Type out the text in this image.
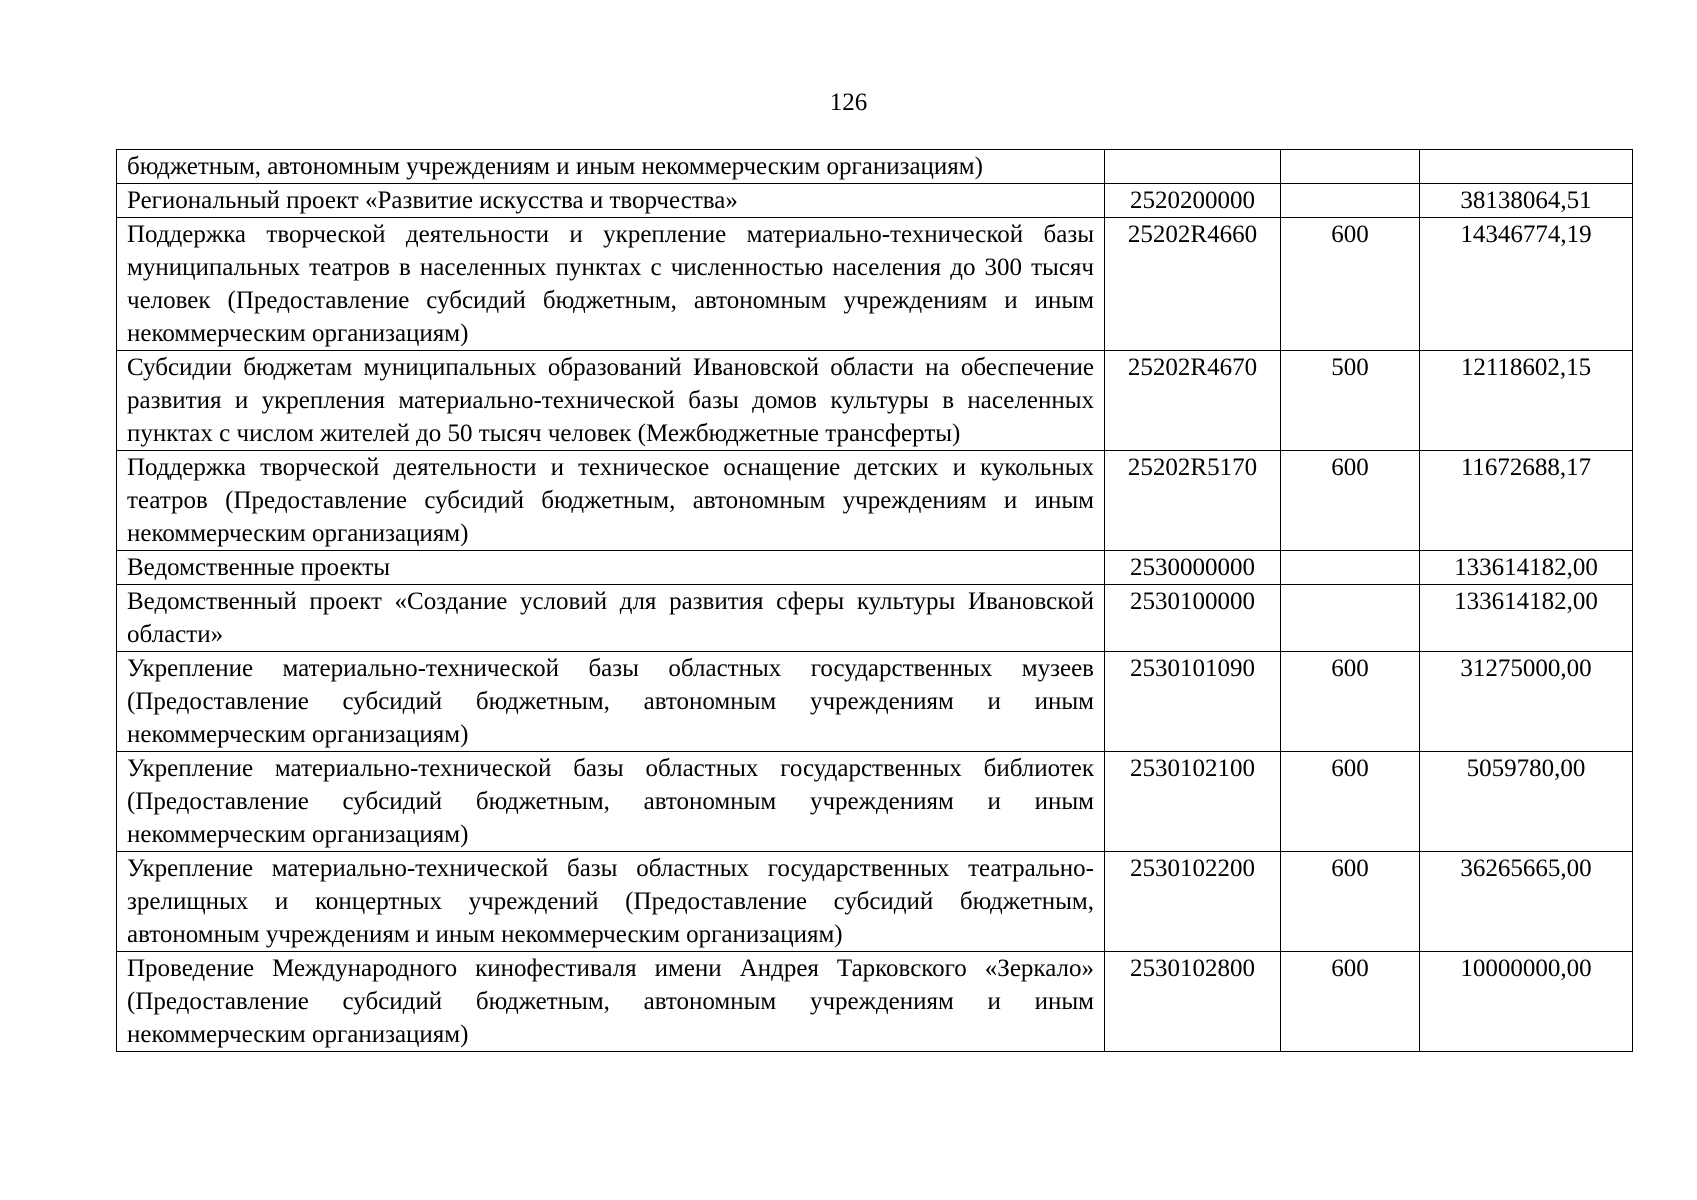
126
бюджетным, автономным учреждениям и иным некоммерческим организациям)			
Региональный проект «Развитие искусства и творчества»	2520200000		38138064,51
Поддержка творческой деятельности и укрепление материально-технической базы муниципальных театров в населенных пунктах с численностью населения до 300 тысяч человек (Предоставление субсидий бюджетным, автономным учреждениям и иным некоммерческим организациям)	25202R4660	600	14346774,19
Субсидии бюджетам муниципальных образований Ивановской области на обеспечение развития и укрепления материально-технической базы домов культуры в населенных пунктах с числом жителей до 50 тысяч человек (Межбюджетные трансферты)	25202R4670	500	12118602,15
Поддержка творческой деятельности и техническое оснащение детских и кукольных театров (Предоставление субсидий бюджетным, автономным учреждениям и иным некоммерческим организациям)	25202R5170	600	11672688,17
Ведомственные проекты	2530000000		133614182,00
Ведомственный проект «Создание условий для развития сферы культуры Ивановской области»	2530100000		133614182,00
Укрепление материально-технической базы областных государственных музеев (Предоставление субсидий бюджетным, автономным учреждениям и иным некоммерческим организациям)	2530101090	600	31275000,00
Укрепление материально-технической базы областных государственных библиотек (Предоставление субсидий бюджетным, автономным учреждениям и иным некоммерческим организациям)	2530102100	600	5059780,00
Укрепление материально-технической базы областных государственных театрально-зрелищных и концертных учреждений (Предоставление субсидий бюджетным, автономным учреждениям и иным некоммерческим организациям)	2530102200	600	36265665,00
Проведение Международного кинофестиваля имени Андрея Тарковского «Зеркало» (Предоставление субсидий бюджетным, автономным учреждениям и иным некоммерческим организациям)	2530102800	600	10000000,00
